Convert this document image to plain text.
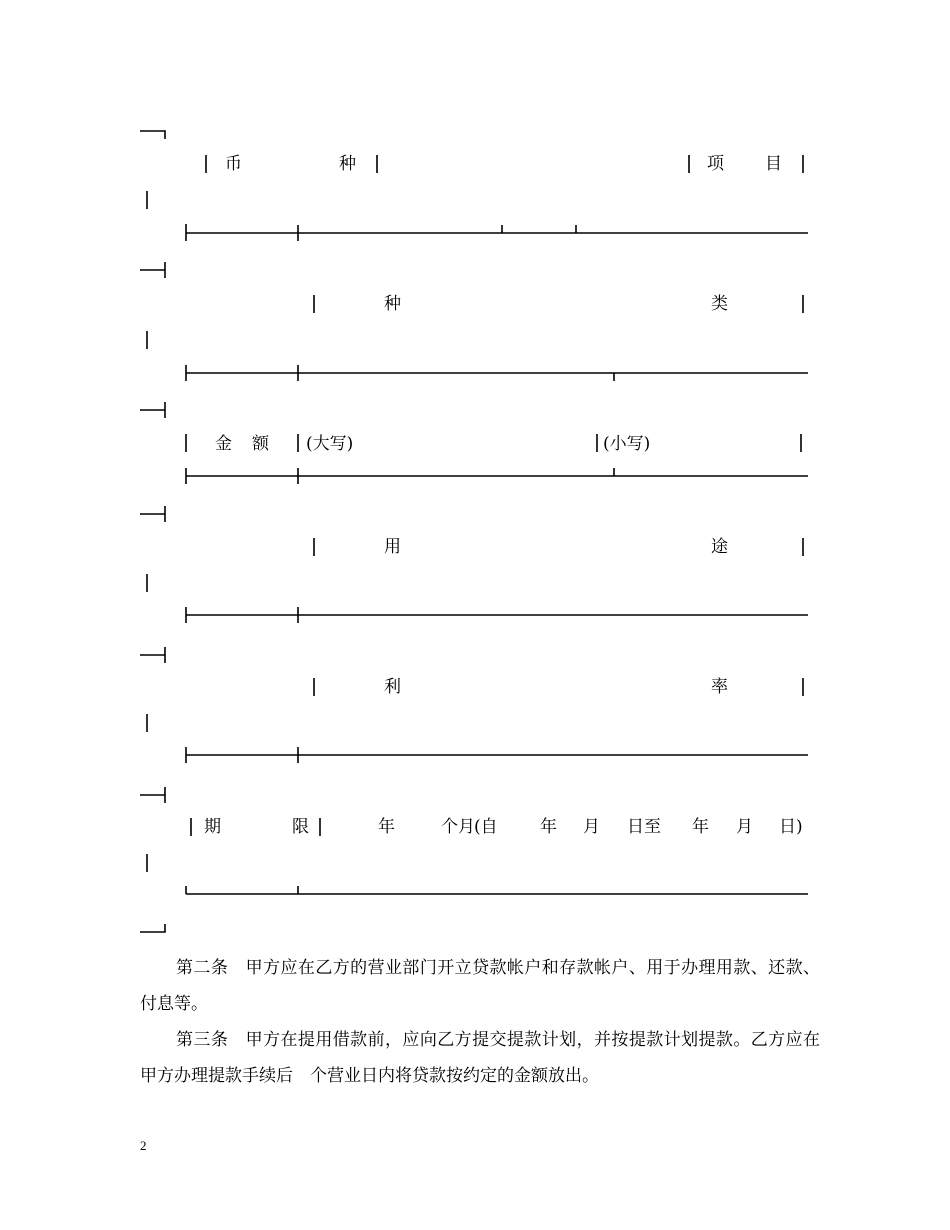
币	种	项 目
种	类
金 额 (大写)	(小写)
用	途
利	率
期	限	年	个月 (自 年 月 日至 年 月 日)

第二条　甲方应在乙方的营业部门开立贷款帐户和存款帐户、用于办理用款、还款、付息等。

第三条　甲方在提用借款前，应向乙方提交提款计划，并按提款计划提款。乙方应在甲方办理提款手续后　个营业日内将贷款按约定的金额放出。

2
